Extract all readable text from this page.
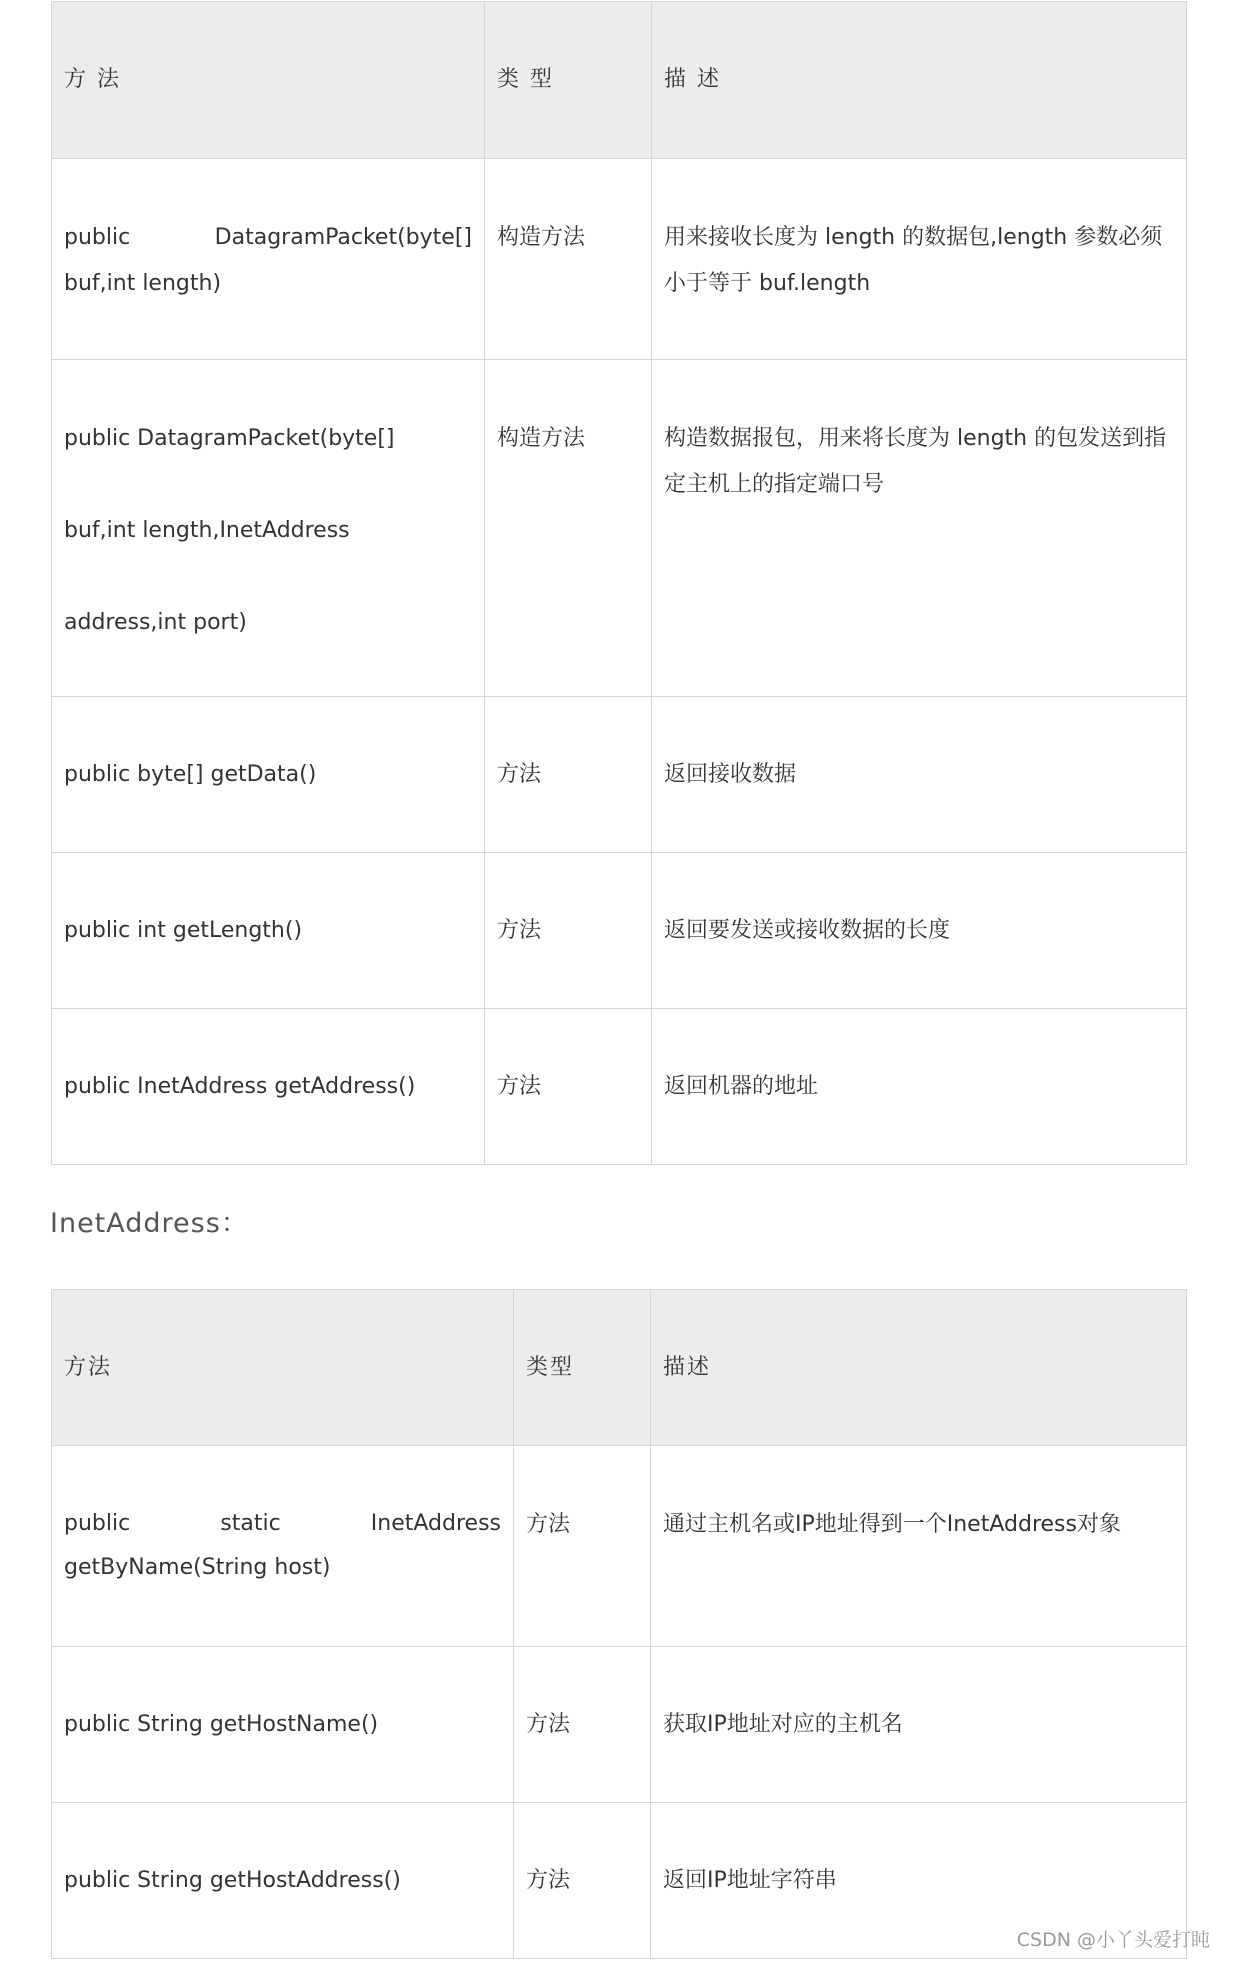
方 法	类 型	描 述
public DatagramPacket(byte[] buf,int length)	构造方法	用来接收长度为 length 的数据包,length 参数必须小于等于 buf.length
public DatagramPacket(byte[]
buf,int length,InetAddress
address,int port)	构造方法	构造数据报包，用来将长度为 length 的包发送到指定主机上的指定端口号
public byte[] getData()	方法	返回接收数据
public int getLength()	方法	返回要发送或接收数据的长度
public InetAddress getAddress()	方法	返回机器的地址
InetAddress：
方法	类型	描述
public static InetAddress getByName(String host)	方法	通过主机名或IP地址得到一个InetAddress对象
public String getHostName()	方法	获取IP地址对应的主机名
public String getHostAddress()	方法	返回IP地址字符串
CSDN @小丫头爱打盹
